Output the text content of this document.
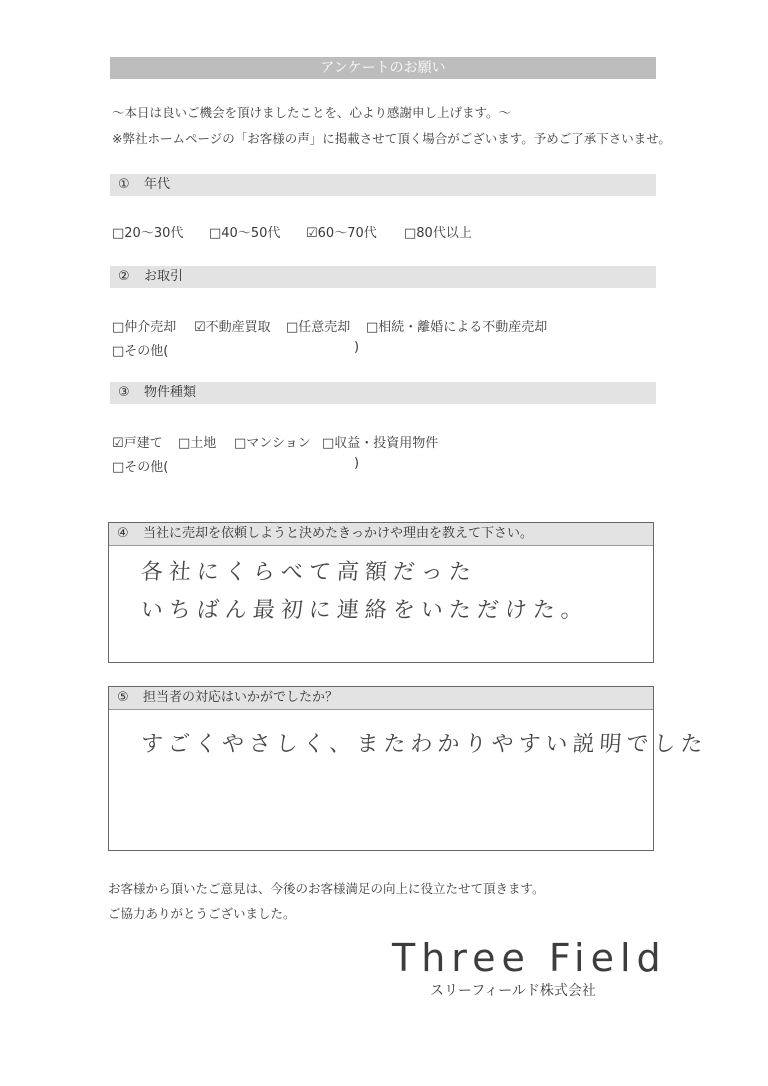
アンケートのお願い
～本日は良いご機会を頂けましたことを、心より感謝申し上げます。～
※弊社ホームページの「お客様の声」に掲載させて頂く場合がございます。予めご了承下さいませ。
① 年代
□20～30代 □40～50代 ☑60～70代 □80代以上
② お取引
□仲介売却 ☑不動産買取 □任意売却 □相続・離婚による不動産売却
□その他(	)
③ 物件種類
☑戸建て □土地 □マンション □収益・投資用物件
□その他(	)
④ 当社に売却を依頼しようと決めたきっかけや理由を教えて下さい。
各社にくらべて高額だった
いちばん最初に連絡をいただけた。
⑤ 担当者の対応はいかがでしたか？
すごくやさしく、またわかりやすい説明でした
お客様から頂いたご意見は、今後のお客様満足の向上に役立たせて頂きます。
ご協力ありがとうございました。
Three Field
スリーフィールド株式会社
